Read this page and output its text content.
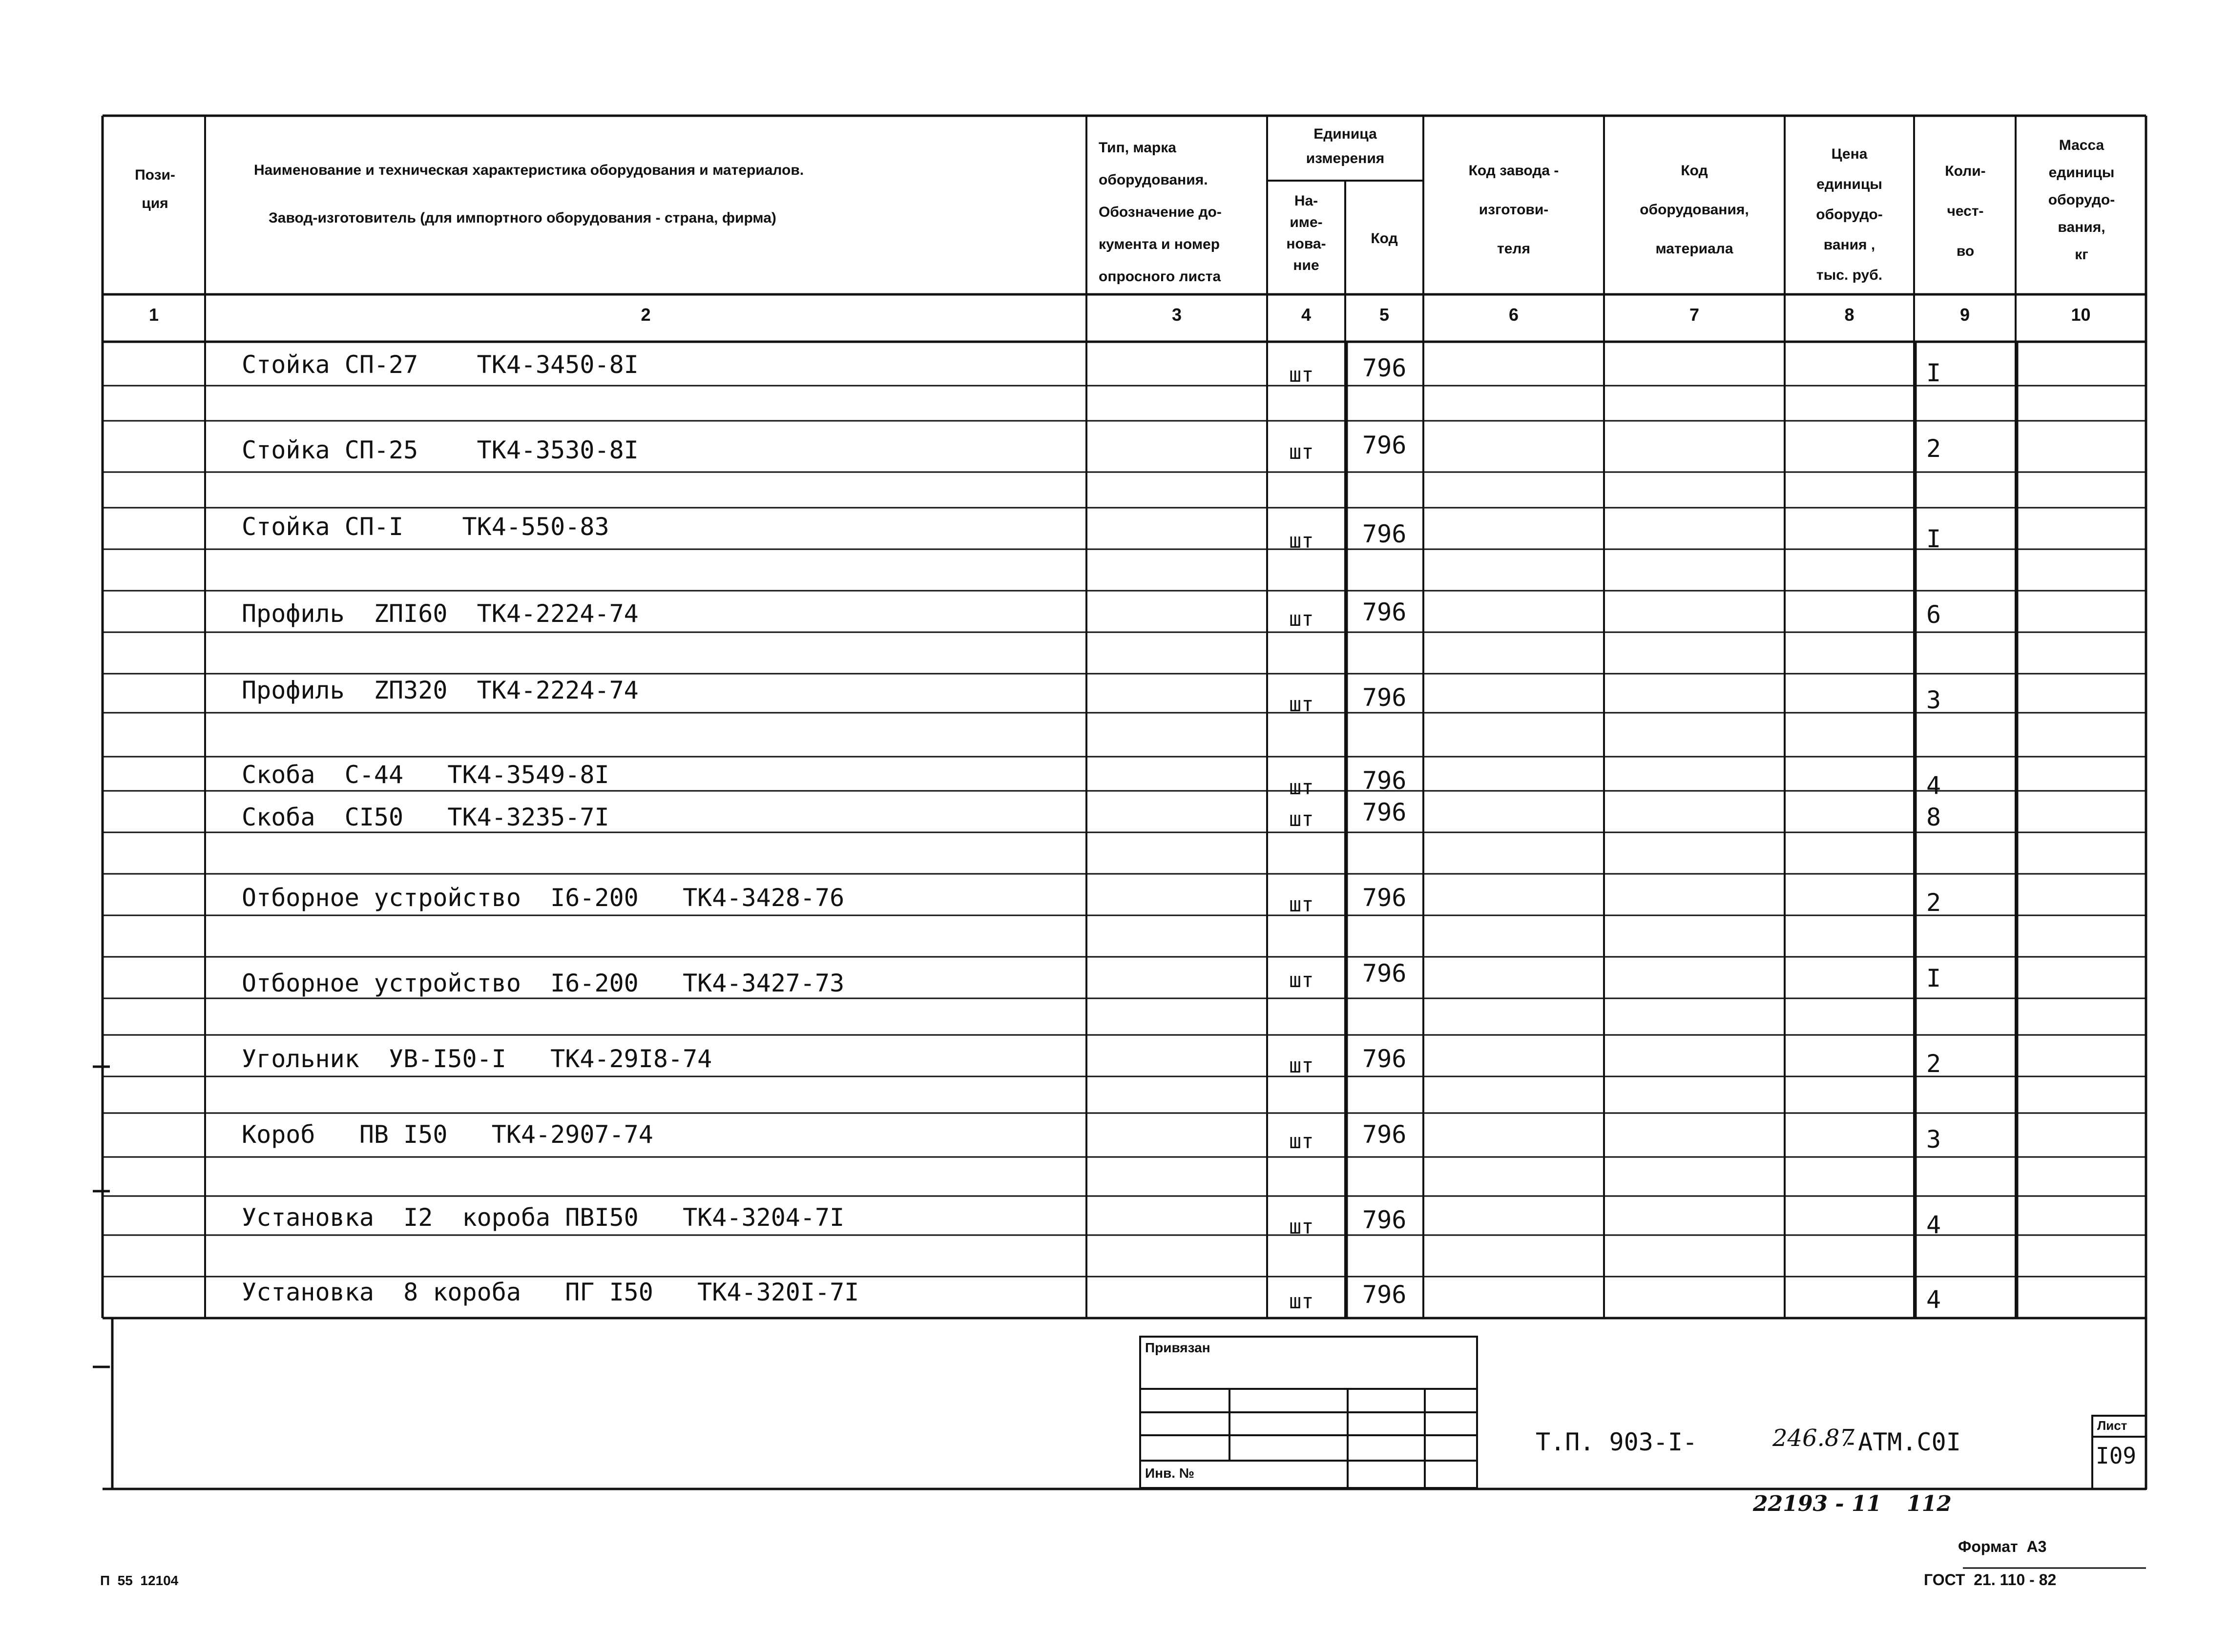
Пози-
ция
Наименование и техническая характеристика оборудования и материалов.
Завод-изготовитель (для импортного оборудования - страна, фирма)
Тип, марка
оборудования.
Обозначение до-
кумента и номер
опросного листа
Единица
измерения
На-
име-
нова-
ние
Код
Код завода -
изготови-
теля
Код
оборудования,
материала
Цена
единицы
оборудо-
вания ,
тыс. руб.
Коли-
чест-
во
Масса
единицы
оборудо-
вания,
кг
1	2	3	4	5	6	7	8	9	10
Стойка СП-27    ТК4-3450-8I	шт 796	I
Стойка СП-25    ТК4-3530-8I	шт 796	2
Стойка СП-I    ТК4-550-83	шт 796	I
Профиль  ZПI60  ТК4-2224-74	шт 796	6
Профиль  ZП320  ТК4-2224-74	шт 796	3
Скоба  С-44   ТК4-3549-8I	шт 796	4
Скоба  СI50   ТК4-3235-7I	шт 796	8
Отборное устройство  I6-200   ТК4-3428-76	шт 796	2
Отборное устройство  I6-200   ТК4-3427-73	шт 796	I
Угольник  УВ-I50-I   ТК4-29I8-74	шт 796	2
Короб   ПВ I50   ТК4-2907-74	шт 796	3
Установка  I2  короба ПВI50   ТК4-3204-7I	шт 796	4
Установка  8 короба   ПГ I50   ТК4-320I-7I	шт 796	4
Привязан
Инв. №
Т.П. 903-I-	246.87
-АТМ.С0I
Лист
I09
22193 - 11 112
Формат  А3
ГОСТ  21. 110 - 82
П  55  12104
